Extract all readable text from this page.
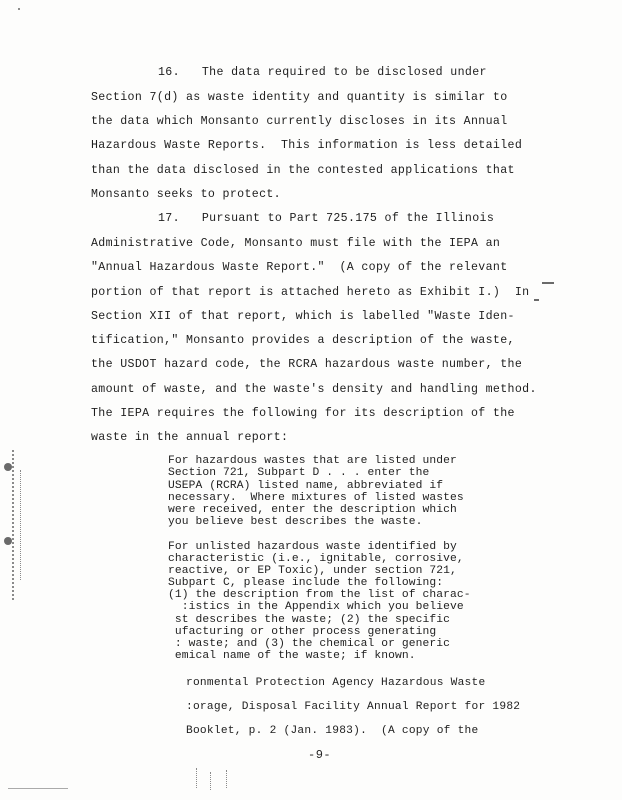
16.   The data required to be disclosed under
Section 7(d) as waste identity and quantity is similar to
the data which Monsanto currently discloses in its Annual
Hazardous Waste Reports.  This information is less detailed
than the data disclosed in the contested applications that
Monsanto seeks to protect.
17.   Pursuant to Part 725.175 of the Illinois
Administrative Code, Monsanto must file with the IEPA an
"Annual Hazardous Waste Report."  (A copy of the relevant
portion of that report is attached hereto as Exhibit I.)  In
Section XII of that report, which is labelled "Waste Iden-
tification," Monsanto provides a description of the waste,
the USDOT hazard code, the RCRA hazardous waste number, the
amount of waste, and the waste's density and handling method.
The IEPA requires the following for its description of the
waste in the annual report:
For hazardous wastes that are listed under
Section 721, Subpart D . . . enter the
USEPA (RCRA) listed name, abbreviated if
necessary.  Where mixtures of listed wastes
were received, enter the description which
you believe best describes the waste.
For unlisted hazardous waste identified by
characteristic (i.e., ignitable, corrosive,
reactive, or EP Toxic), under section 721,
Subpart C, please include the following:
(1) the description from the list of charac-
:istics in the Appendix which you believe
st describes the waste; (2) the specific
ufacturing or other process generating
: waste; and (3) the chemical or generic
emical name of the waste; if known.
ronmental Protection Agency Hazardous Waste
:orage, Disposal Facility Annual Report for 1982
Booklet, p. 2 (Jan. 1983).  (A copy of the
-9-
